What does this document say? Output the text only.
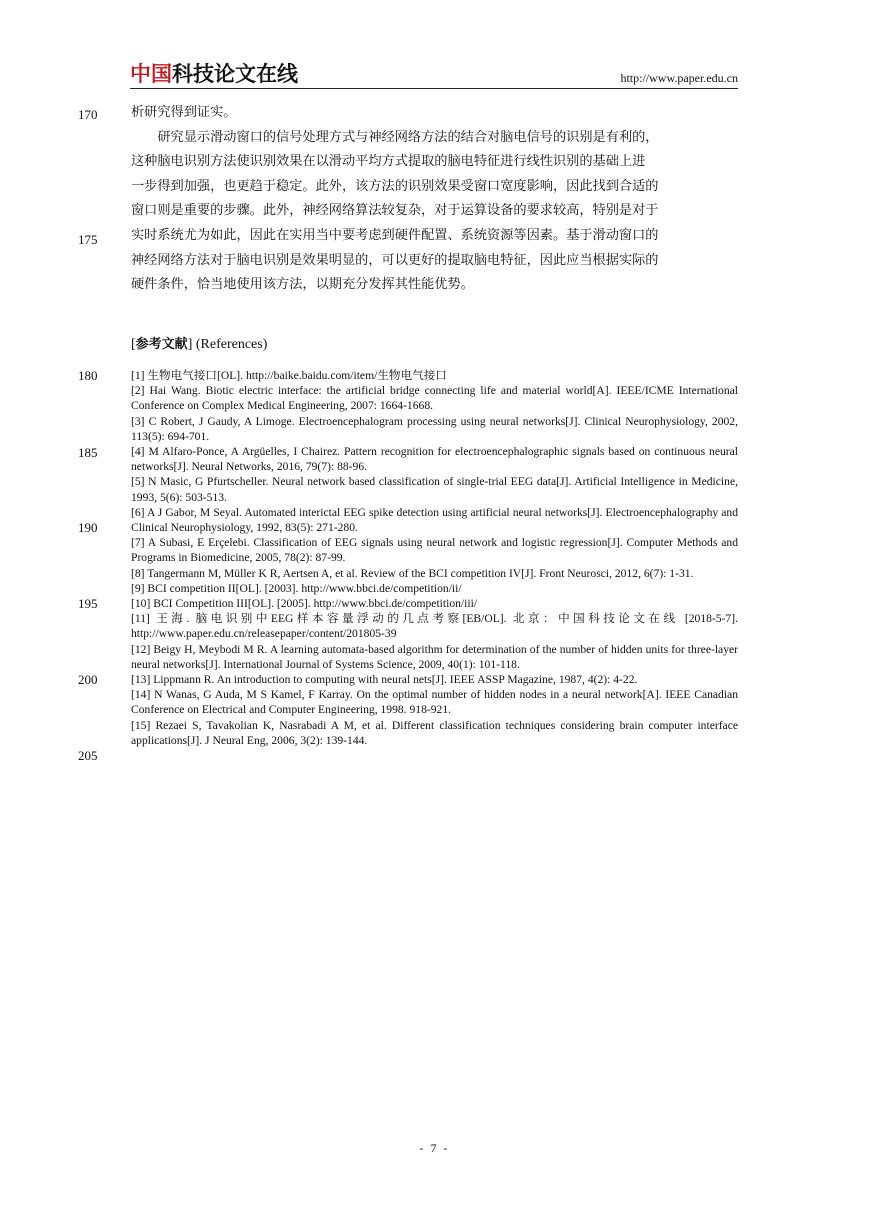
中国科技论文在线	http://www.paper.edu.cn
170
175
180
185
190
195
200
205
析研究得到证实。
　　研究显示滑动窗口的信号处理方式与神经网络方法的结合对脑电信号的识别是有利的，
这种脑电识别方法使识别效果在以滑动平均方式提取的脑电特征进行线性识别的基础上进
一步得到加强，也更趋于稳定。此外，该方法的识别效果受窗口宽度影响，因此找到合适的
窗口则是重要的步骤。此外，神经网络算法较复杂，对于运算设备的要求较高，特别是对于
实时系统尤为如此，因此在实用当中要考虑到硬件配置、系统资源等因素。基于滑动窗口的
神经网络方法对于脑电识别是效果明显的，可以更好的提取脑电特征，因此应当根据实际的
硬件条件，恰当地使用该方法，以期充分发挥其性能优势。
[参考文献] (References)
[1] 生物电气接口[OL]. http://baike.baidu.com/item/生物电气接口
[2] Hai Wang. Biotic electric interface: the artificial bridge connecting life and material world[A]. IEEE/ICME International Conference on Complex Medical Engineering, 2007: 1664-1668.
[3] C Robert, J Gaudy, A Limoge. Electroencephalogram processing using neural networks[J]. Clinical Neurophysiology, 2002, 113(5): 694-701.
[4] M Alfaro-Ponce, A Argüelles, I Chairez. Pattern recognition for electroencephalographic signals based on continuous neural networks[J]. Neural Networks, 2016, 79(7): 88-96.
[5] N Masic, G Pfurtscheller. Neural network based classification of single-trial EEG data[J]. Artificial Intelligence in Medicine, 1993, 5(6): 503-513.
[6] A J Gabor, M Seyal. Automated interictal EEG spike detection using artificial neural networks[J]. Electroencephalography and Clinical Neurophysiology, 1992, 83(5): 271-280.
[7] A Subasi, E Erçelebi. Classification of EEG signals using neural network and logistic regression[J]. Computer Methods and Programs in Biomedicine, 2005, 78(2): 87-99.
[8] Tangermann M, Müller K R, Aertsen A, et al. Review of the BCI competition IV[J]. Front Neurosci, 2012, 6(7): 1-31.
[9] BCI competition II[OL]. [2003]. http://www.bbci.de/competition/ii/
[10] BCI Competition III[OL]. [2005]. http://www.bbci.de/competition/iii/
[11] 王海. 脑电识别中EEG样本容量浮动的几点考察[EB/OL]. 北京：中国科技论文在线 [2018-5-7]. http://www.paper.edu.cn/releasepaper/content/201805-39
[12] Beigy H, Meybodi M R. A learning automata-based algorithm for determination of the number of hidden units for three-layer neural networks[J]. International Journal of Systems Science, 2009, 40(1): 101-118.
[13] Lippmann R. An introduction to computing with neural nets[J]. IEEE ASSP Magazine, 1987, 4(2): 4-22.
[14] N Wanas, G Auda, M S Kamel, F Karray. On the optimal number of hidden nodes in a neural network[A]. IEEE Canadian Conference on Electrical and Computer Engineering, 1998. 918-921.
[15] Rezaei S, Tavakolian K, Nasrabadi A M, et al. Different classification techniques considering brain computer interface applications[J]. J Neural Eng, 2006, 3(2): 139-144.
- 7 -
